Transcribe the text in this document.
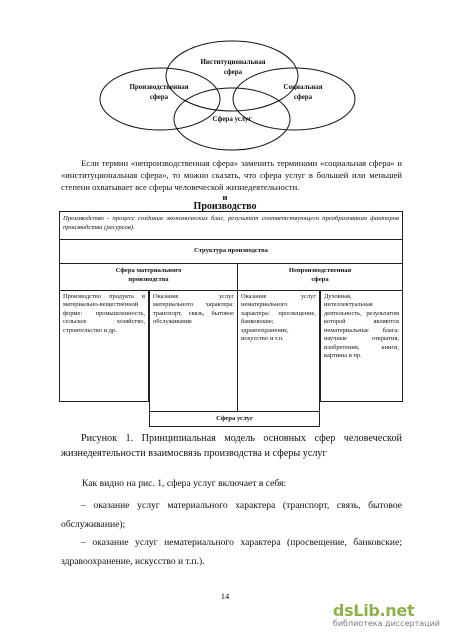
Институциональная
сфера
Производственная
сфера
Социальная
сфера
Сфера услуг
Если термин «непроизводственная сфера» заменить терминами «социальная сфера» и «институциональная сфера», то можно сказать, что сфера услуг в большей или меньшей степени охватывает все сферы человеческой жизнедеятельности.
и
Производство
Производство - процесс создания экономических благ, результат соответствующего преобразования факторов производства (ресурсов).
Структура производства
Сфера материального
производства
Непроизводственная
сфера
Производство продукта в материально-вещественной форме: промышленность, сельское хозяйство, строительство и др.
Оказание услуг материального характера: транспорт, связь, бытовое обслуживание
Оказание услуг нематериального характера: просвещение, банковские; здравоохранение, искусство и т.п.
Духовная, интеллектуальная деятельность, результатом которой являются нематериальные блага: научные открытия, изобретения, книги, картины и пр.
Сфера услуг
Рисунок 1. Принципиальная модель основных сфер человеческой жизнедеятельности взаимосвязь производства и сферы услуг
Как видно на рис. 1, сфера услуг включает в себя:
– оказание услуг материального характера (транспорт, связь, бытовое обслуживание);
– оказание услуг нематериального характера (просвещение, банковские; здравоохранение, искусство и т.п.).
14
dsLib.net
библиотека диссертаций
